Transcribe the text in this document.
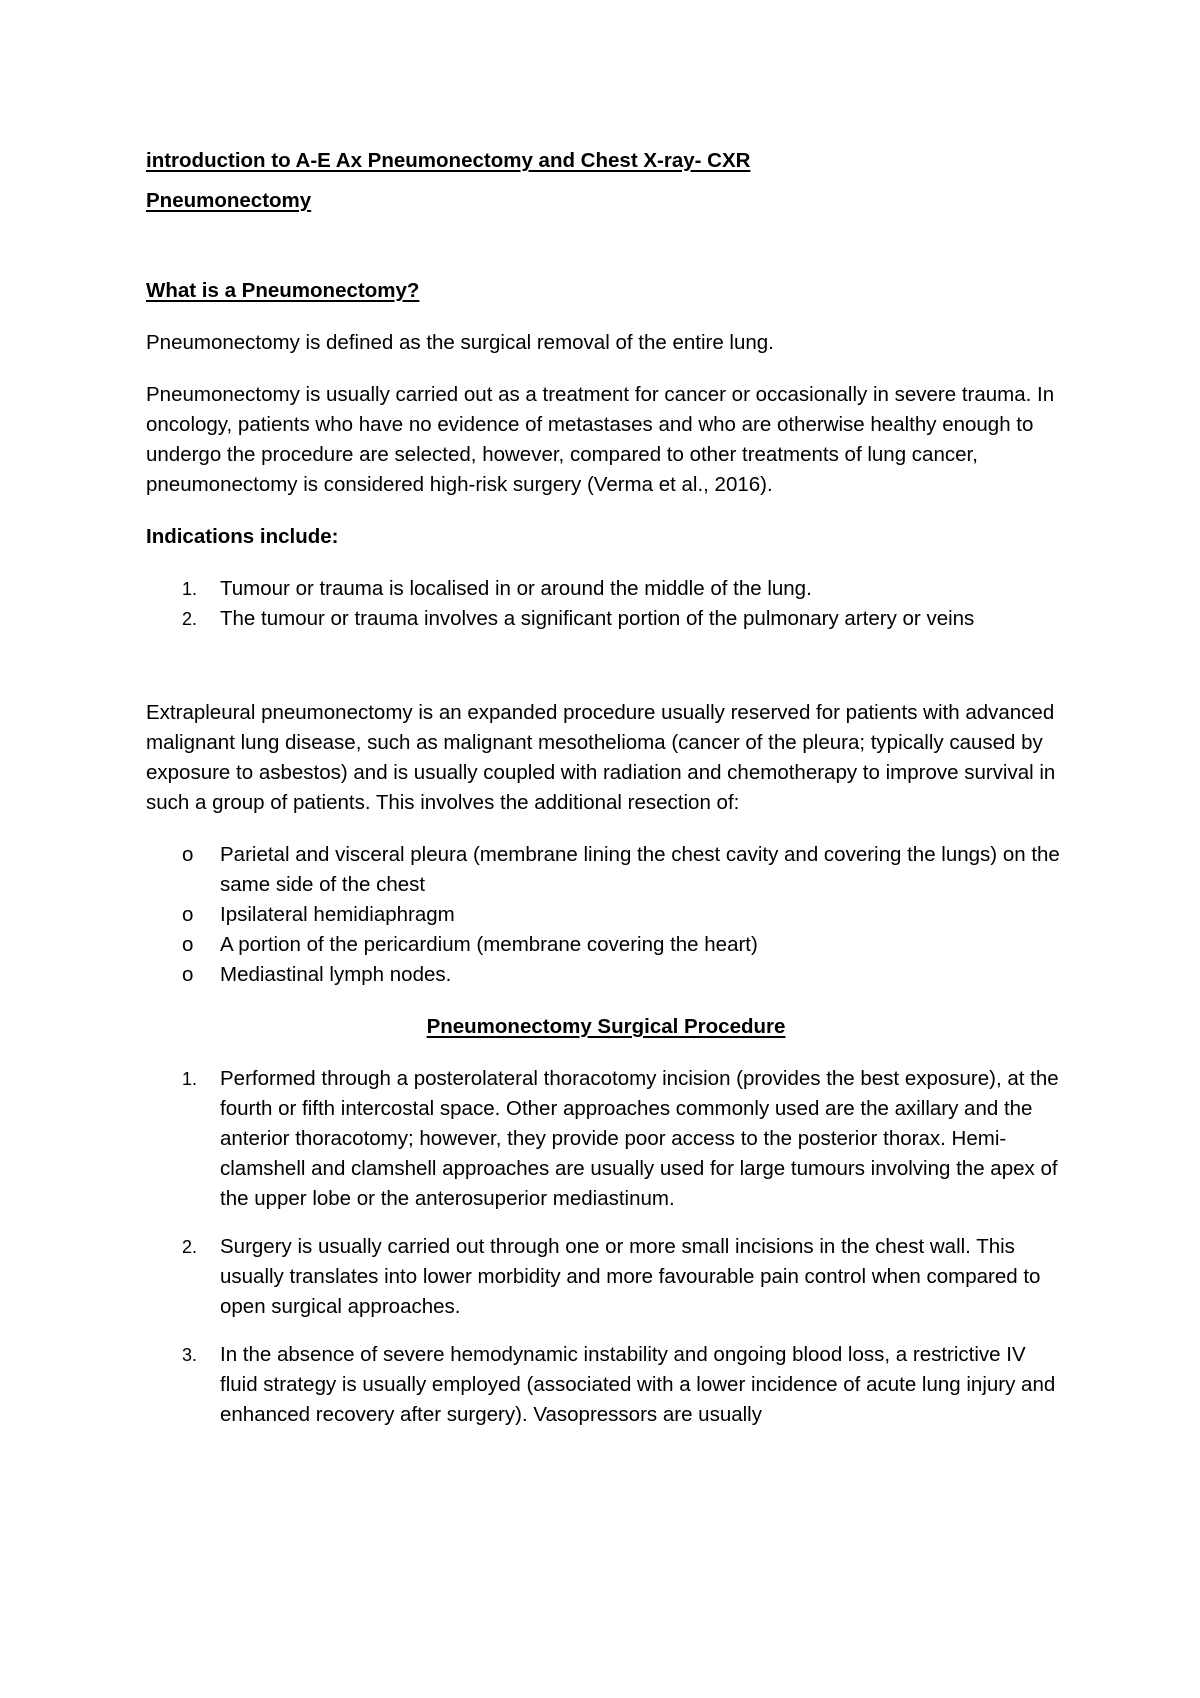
introduction to A-E Ax Pneumonectomy and Chest X-ray- CXR

Pneumonectomy

What is a Pneumonectomy?

Pneumonectomy is defined as the surgical removal of the entire lung.

Pneumonectomy is usually carried out as a treatment for cancer or occasionally in severe trauma. In oncology, patients who have no evidence of metastases and who are otherwise healthy enough to undergo the procedure are selected, however, compared to other treatments of lung cancer, pneumonectomy is considered high-risk surgery (Verma et al., 2016).

Indications include:

1. Tumour or trauma is localised in or around the middle of the lung.
2. The tumour or trauma involves a significant portion of the pulmonary artery or veins

Extrapleural pneumonectomy is an expanded procedure usually reserved for patients with advanced malignant lung disease, such as malignant mesothelioma (cancer of the pleura; typically caused by exposure to asbestos) and is usually coupled with radiation and chemotherapy to improve survival in such a group of patients. This involves the additional resection of:

o Parietal and visceral pleura (membrane lining the chest cavity and covering the lungs) on the same side of the chest
o Ipsilateral hemidiaphragm
o A portion of the pericardium (membrane covering the heart)
o Mediastinal lymph nodes.

Pneumonectomy Surgical Procedure

1. Performed through a posterolateral thoracotomy incision (provides the best exposure), at the fourth or fifth intercostal space. Other approaches commonly used are the axillary and the anterior thoracotomy; however, they provide poor access to the posterior thorax. Hemi-clamshell and clamshell approaches are usually used for large tumours involving the apex of the upper lobe or the anterosuperior mediastinum.
2. Surgery is usually carried out through one or more small incisions in the chest wall. This usually translates into lower morbidity and more favourable pain control when compared to open surgical approaches.
3. In the absence of severe hemodynamic instability and ongoing blood loss, a restrictive IV fluid strategy is usually employed (associated with a lower incidence of acute lung injury and enhanced recovery after surgery). Vasopressors are usually
